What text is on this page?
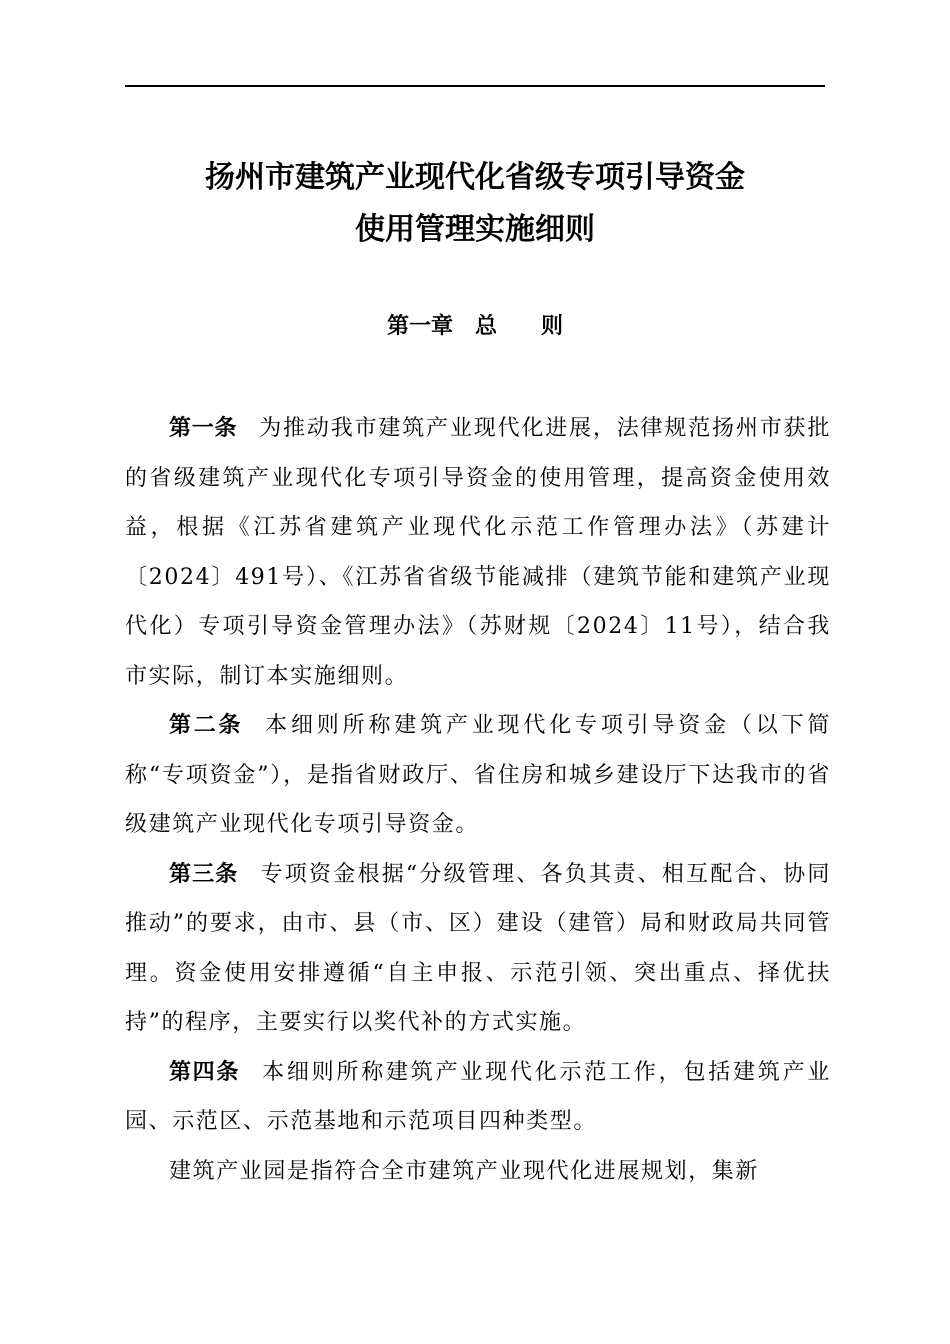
扬州市建筑产业现代化省级专项引导资金
使用管理实施细则
第一章　总　　则

第一条 为推动我市建筑产业现代化进展，法律规范扬州市获批的省级建筑产业现代化专项引导资金的使用管理，提高资金使用效益，根据《江苏省建筑产业现代化示范工作管理办法》（苏建计〔2024〕491号）、《江苏省省级节能减排（建筑节能和建筑产业现代化）专项引导资金管理办法》（苏财规〔2024〕11号），结合我市实际，制订本实施细则。

第二条 本细则所称建筑产业现代化专项引导资金（以下简称“专项资金”），是指省财政厅、省住房和城乡建设厅下达我市的省级建筑产业现代化专项引导资金。

第三条 专项资金根据“分级管理、各负其责、相互配合、协同推动”的要求，由市、县（市、区）建设（建管）局和财政局共同管理。资金使用安排遵循“自主申报、示范引领、突出重点、择优扶持”的程序，主要实行以奖代补的方式实施。

第四条 本细则所称建筑产业现代化示范工作，包括建筑产业园、示范区、示范基地和示范项目四种类型。

建筑产业园是指符合全市建筑产业现代化进展规划，集新
